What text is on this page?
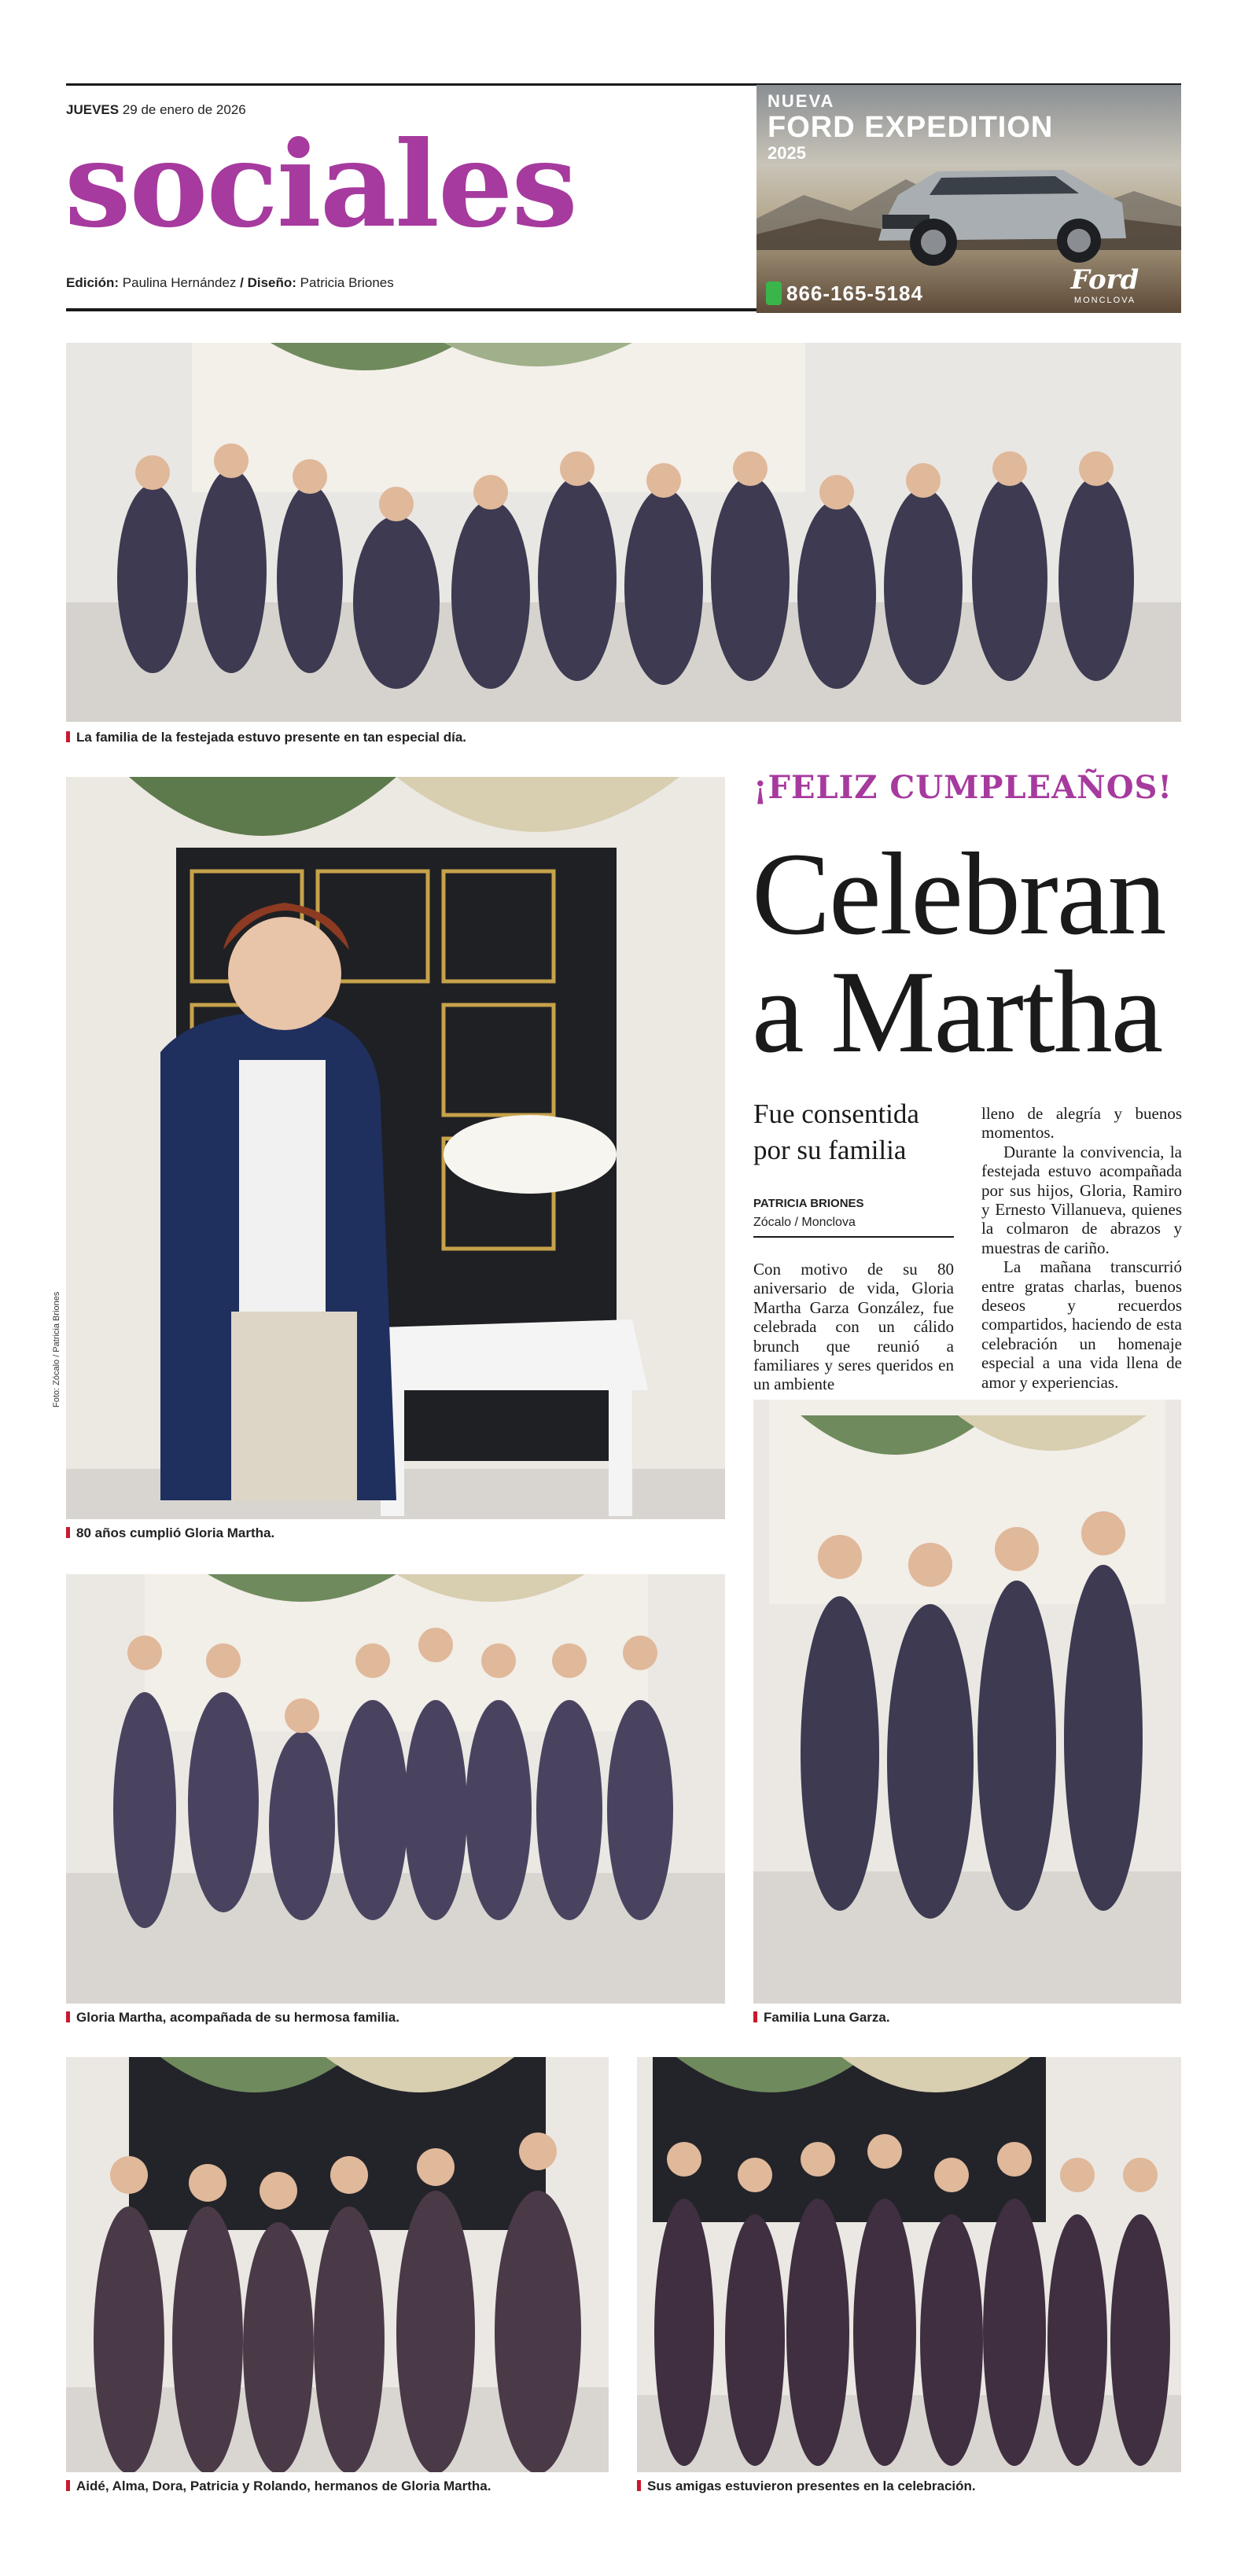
JUEVES 29 de enero de 2026
sociales
Edición: Paulina Hernández / Diseño: Patricia Briones
NUEVA
FORD EXPEDITION
2025
866-165-5184	Ford
MONCLOVA
La familia de la festejada estuvo presente en tan especial día.
Foto: Zócalo / Patricia Briones
80 años cumplió Gloria Martha.
¡FELIZ CUMPLEAÑOS!
Celebran
a Martha
Fue consentida por su familia
PATRICIA BRIONES
Zócalo / Monclova

Con motivo de su 80 aniversario de vida, Gloria Martha Garza González, fue celebrada con un cálido brunch que reunió a familiares y seres queridos en un ambiente

lleno de alegría y buenos momentos.

Durante la convivencia, la festejada estuvo acompañada por sus hijos, Gloria, Ramiro y Ernesto Villanueva, quienes la colmaron de abrazos y muestras de cariño.

La mañana transcurrió entre gratas charlas, buenos deseos y recuerdos compartidos, haciendo de esta celebración un homenaje especial a una vida llena de amor y experiencias.

Gloria Martha, acompañada de su hermosa familia.	Familia Luna Garza.
Aidé, Alma, Dora, Patricia y Rolando, hermanos de Gloria Martha.	Sus amigas estuvieron presentes en la celebración.
